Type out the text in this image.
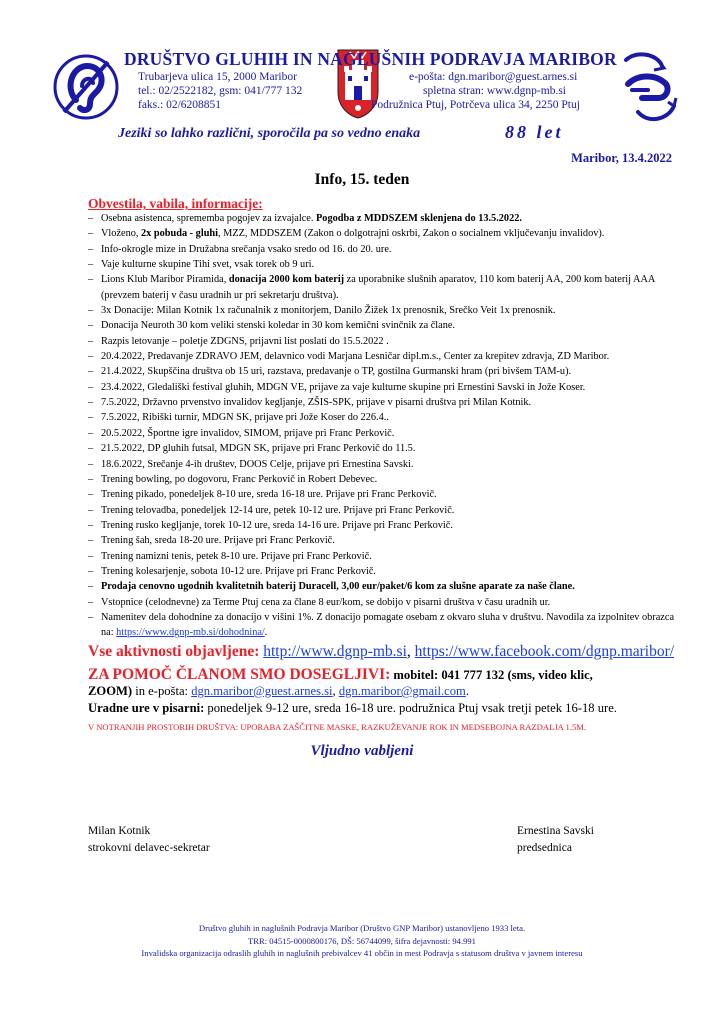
DRUŠTVO GLUHIH IN NAGLUŠNIH PODRAVJA MARIBOR
Trubarjeva ulica 15, 2000 Maribor
tel.: 02/2522182, gsm: 041/777 132
faks.: 02/6208851
e-pošta: dgn.maribor@guest.arnes.si
spletna stran: www.dgnp-mb.si
Podružnica Ptuj, Potrčeva ulica 34, 2250 Ptuj
Jeziki so lahko različni, sporočila pa so vedno enaka	88 let
Maribor, 13.4.2022
Info, 15. teden
Obvestila, vabila, informacije:
– Osebna asistenca, sprememba pogojev za izvajalce. Pogodba z MDDSZEM sklenjena do 13.5.2022.
– Vloženo, 2x pobuda - gluhi, MZZ, MDDSZEM (Zakon o dolgotrajni oskrbi, Zakon o socialnem vključevanju invalidov).
– Info-okrogle mize in Družabna srečanja vsako sredo od 16. do 20. ure.
– Vaje kulturne skupine Tihi svet, vsak torek ob 9 uri.
– Lions Klub Maribor Piramida, donacija 2000 kom baterij za uporabnike slušnih aparatov, 110 kom baterij AA, 200 kom baterij AAA (prevzem baterij v času uradnih ur pri sekretarju društva).
– 3x Donacije: Milan Kotnik 1x računalnik z monitorjem, Danilo Žižek 1x prenosnik, Srečko Veit 1x prenosnik.
– Donacija Neuroth 30 kom veliki stenski koledar in 30 kom kemični svinčnik za člane.
– Razpis letovanje – poletje ZDGNS, prijavni list poslati do 15.5.2022 .
– 20.4.2022, Predavanje ZDRAVO JEM, delavnico vodi Marjana Lesničar dipl.m.s., Center za krepitev zdravja, ZD Maribor.
– 21.4.2022, Skupščina društva ob 15 uri, razstava, predavanje o TP, gostilna Gurmanski hram (pri bivšem TAM-u).
– 23.4.2022, Gledališki festival gluhih, MDGN VE, prijave za vaje kulturne skupine pri Ernestini Savski in Jože Koser.
– 7.5.2022, Državno prvenstvo invalidov kegljanje, ZŠIS-SPK, prijave v pisarni društva pri Milan Kotnik.
– 7.5.2022, Ribiški turnir, MDGN SK, prijave pri Jože Koser do 226.4..
– 20.5.2022, Športne igre invalidov, SIMOM, prijave pri Franc Perkovič.
– 21.5.2022, DP gluhih futsal, MDGN SK, prijave pri Franc Perkovič do 11.5.
– 18.6.2022, Srečanje 4-ih društev, DOOS Celje, prijave pri Ernestina Savski.
– Trening bowling, po dogovoru, Franc Perkovič in Robert Debevec.
– Trening pikado, ponedeljek 8-10 ure, sreda 16-18 ure. Prijave pri Franc Perkovič.
– Trening telovadba, ponedeljek 12-14 ure, petek 10-12 ure. Prijave pri Franc Perkovič.
– Trening rusko kegljanje, torek 10-12 ure, sreda 14-16 ure. Prijave pri Franc Perkovič.
– Trening šah, sreda 18-20 ure. Prijave pri Franc Perkovič.
– Trening namizni tenis, petek 8-10 ure. Prijave pri Franc Perkovič.
– Trening kolesarjenje, sobota 10-12 ure. Prijave pri Franc Perkovič.
– Prodaja cenovno ugodnih kvalitetnih baterij Duracell, 3,00 eur/paket/6 kom za slušne aparate za naše člane.
– Vstopnice (celodnevne) za Terme Ptuj cena za člane 8 eur/kom, se dobijo v pisarni društva v času uradnih ur.
– Namenitev dela dohodnine za donacijo v višini 1%. Z donacijo pomagate osebam z okvaro sluha v društvu. Navodila za izpolnitev obrazca na: https://www.dgnp-mb.si/dohodnina/.
Vse aktivnosti objavljene: http://www.dgnp-mb.si, https://www.facebook.com/dgnp.maribor/
ZA POMOČ ČLANOM SMO DOSEGLJIVI: mobitel: 041 777 132 (sms, video klic,
ZOOM) in e-pošta: dgn.maribor@guest.arnes.si, dgn.maribor@gmail.com.
Uradne ure v pisarni: ponedeljek 9-12 ure, sreda 16-18 ure. podružnica Ptuj vsak tretji petek 16-18 ure.
V NOTRANJIH PROSTORIH DRUŠTVA: UPORABA ZAŠČITNE MASKE, RAZKUŽEVANJE ROK IN MEDSEBOJNA RAZDALJA 1.5M.
Vljudno vabljeni
Milan Kotnik
strokovni delavec-sekretar
Ernestina Savski
predsednica
Društvo gluhih in naglušnih Podravja Maribor (Društvo GNP Maribor) ustanovljeno 1933 leta.
TRR: 04515-0000800176, DŠ: 56744099, šifra dejavnosti: 94.991
Invalidska organizacija odraslih gluhih in naglušnih prebivalcev 41 občin in mest Podravja s statusom društva v javnem interesu
